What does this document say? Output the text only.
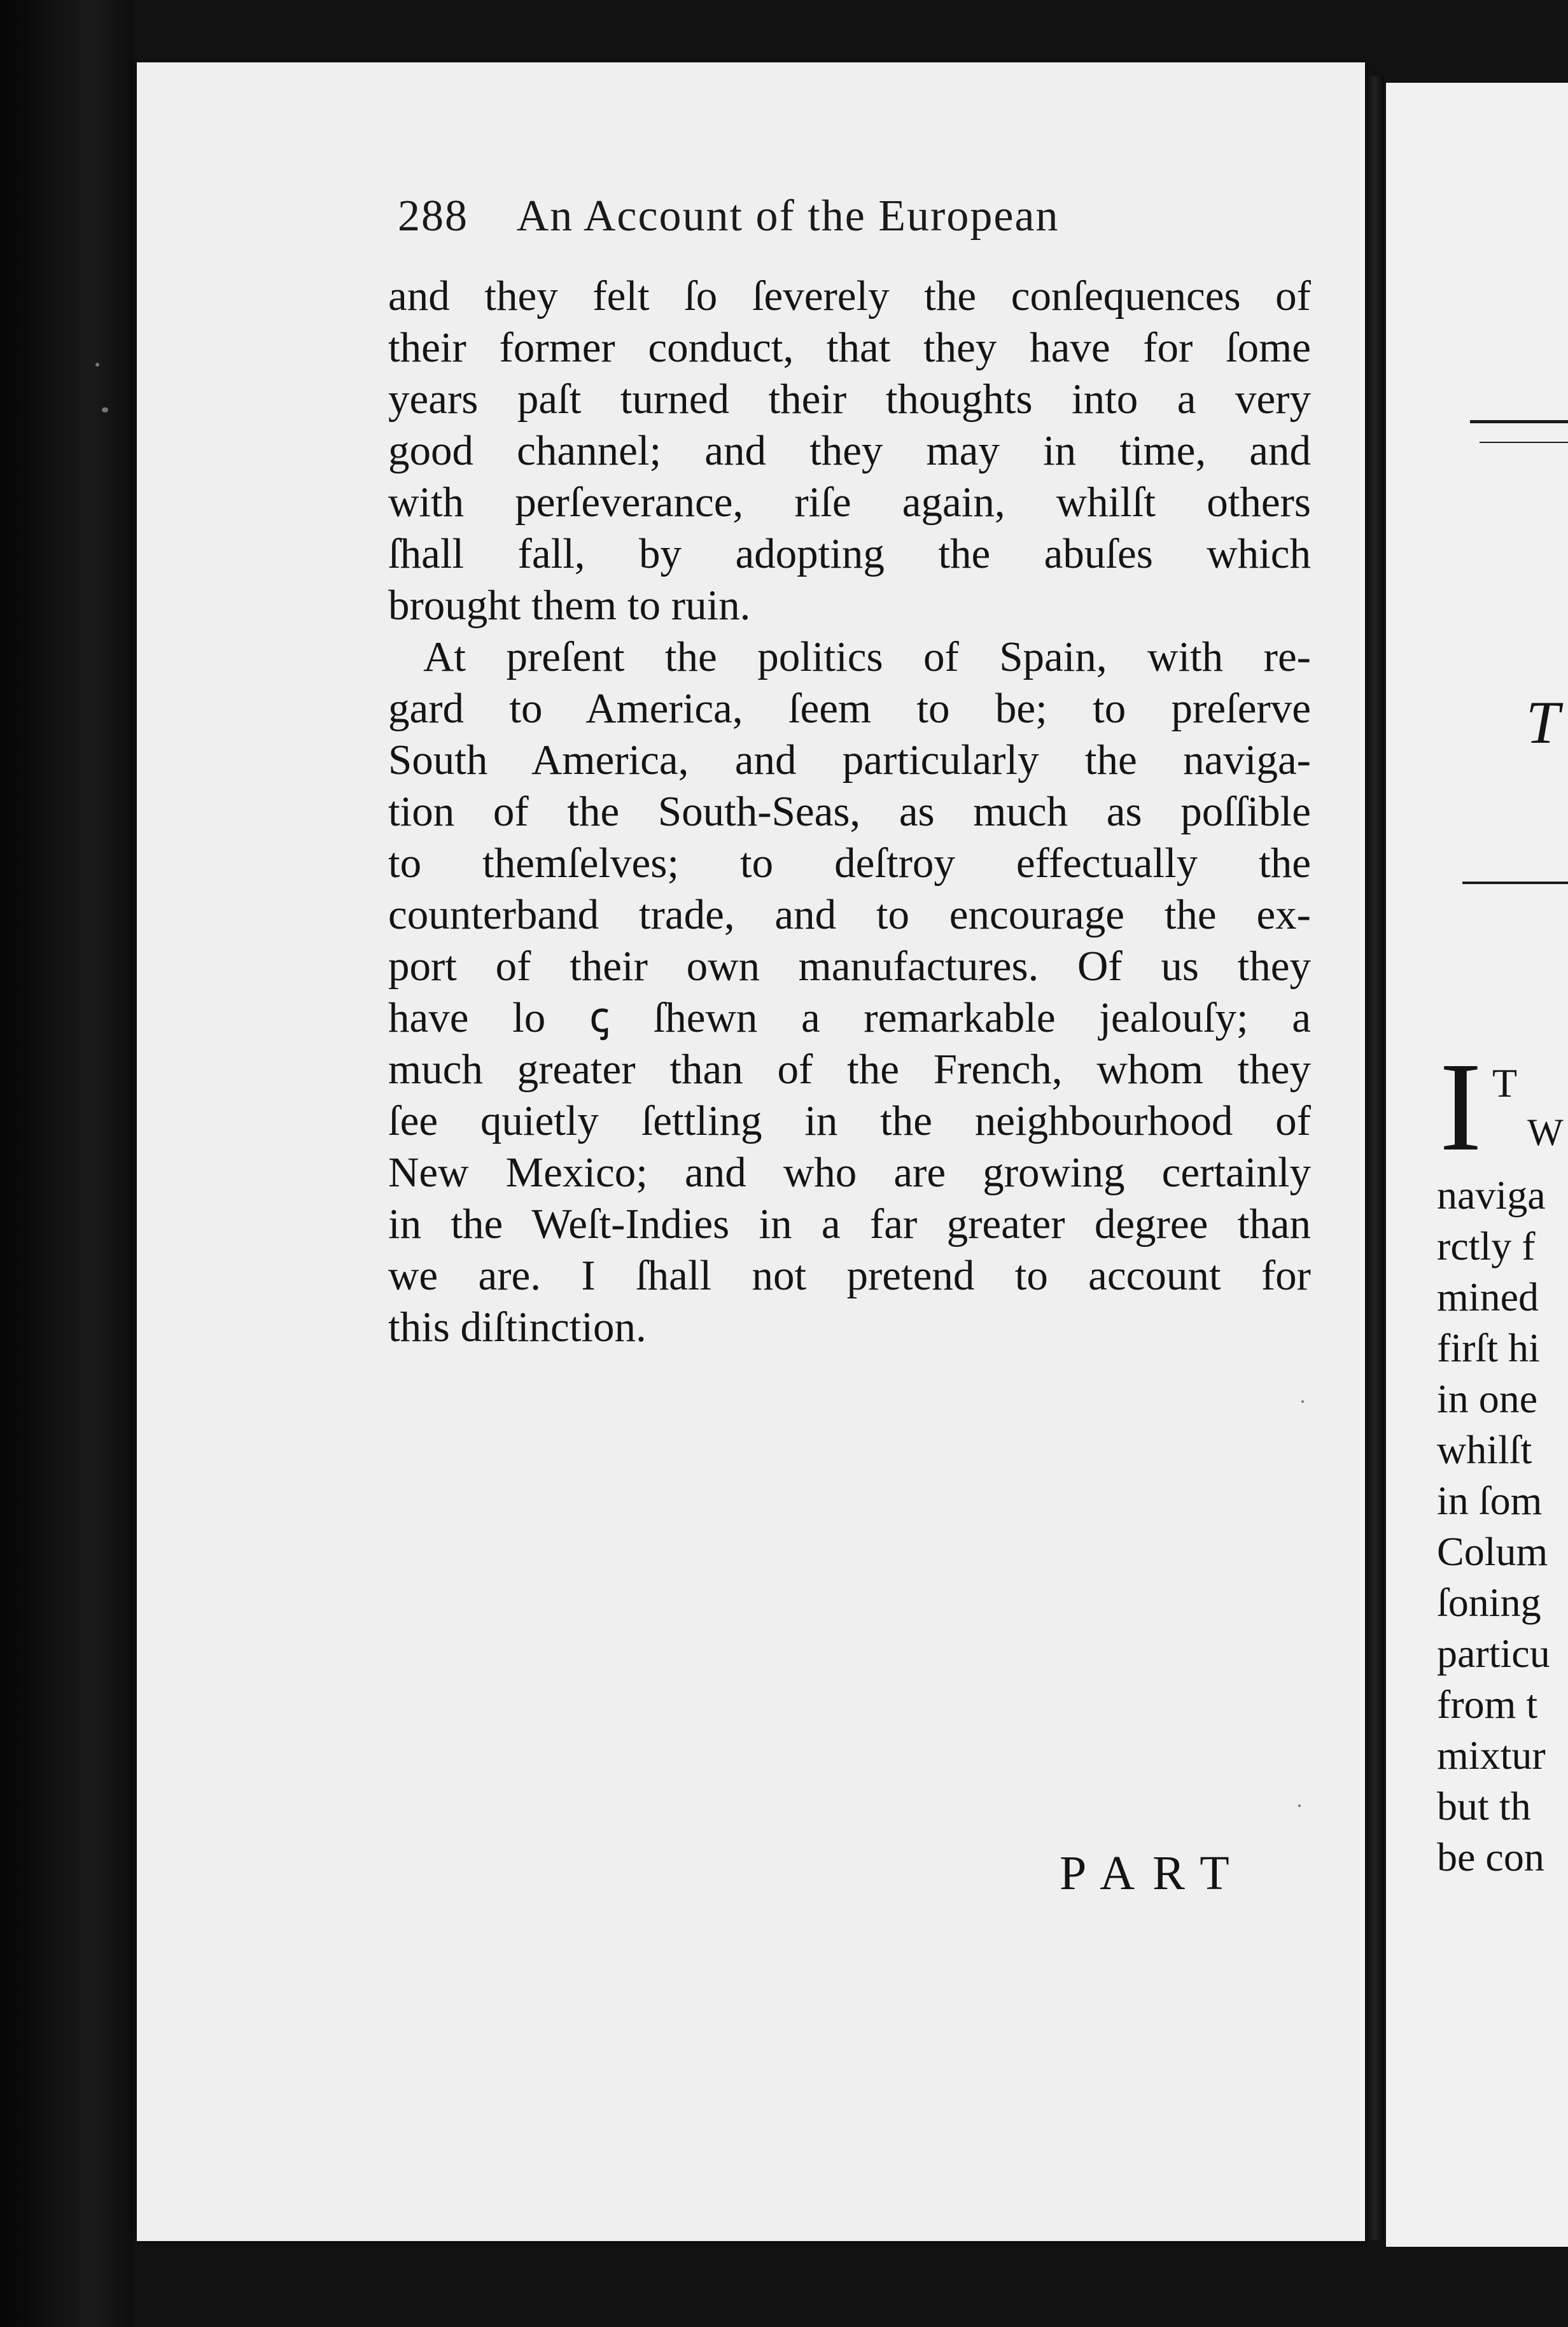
288 An Account of the European
and they felt ſo ſeverely the conſequences of
their former conduct, that they have for ſome
years paſt turned their thoughts into a very
good channel; and they may in time, and
with perſeverance, riſe again, whilſt others
ſhall fall, by adopting the abuſes which
brought them to ruin.
At preſent the politics of Spain, with re-
gard to America, ſeem to be; to preſerve
South America, and particularly the naviga-
tion of the South-Seas, as much as poſſible
to themſelves; to deſtroy effectually the
counterband trade, and to encourage the ex-
port of their own manufactures. Of us they
have lo ꞔ ſhewn a remarkable jealouſy; a
much greater than of the French, whom they
ſee quietly ſettling in the neighbourhood of
New Mexico; and who are growing certainly
in the Weſt-Indies in a far greater degree than
we are. I ſhall not pretend to account for
this diſtinction.
PART
T
I T
W
naviga
rctly f
mined
firſt hi
in one
whilſt
in ſom
Colum
ſoning
particu
from t
mixtur
but th
be con
